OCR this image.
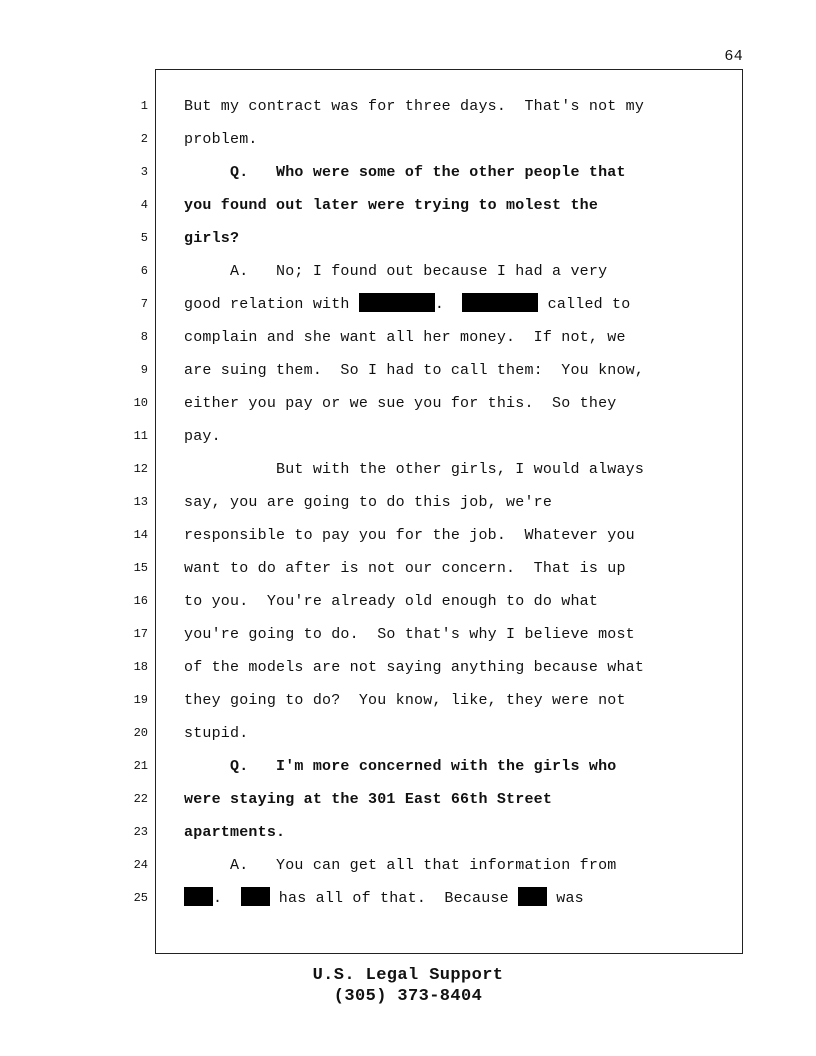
64
1 But my contract was for three days.  That's not my
2 problem.
3 Q.   Who were some of the other people that
4 you found out later were trying to molest the
5 girls?
6 A.   No; I found out because I had a very
7 good relation with	.	called to
8 complain and she want all her money.  If not, we
9 are suing them.  So I had to call them:  You know,
10 either you pay or we sue you for this.  So they
11 pay.
12 But with the other girls, I would always
13 say, you are going to do this job, we're
14 responsible to pay you for the job.  Whatever you
15 want to do after is not our concern.  That is up
16 to you.  You're already old enough to do what
17 you're going to do.  So that's why I believe most
18 of the models are not saying anything because what
19 they going to do?  You know, like, they were not
20 stupid.
21 Q.   I'm more concerned with the girls who
22 were staying at the 301 East 66th Street
23 apartments.
24 A.   You can get all that information from
25	.   has all of that.  Because  was
U.S. Legal Support
(305) 373-8404
